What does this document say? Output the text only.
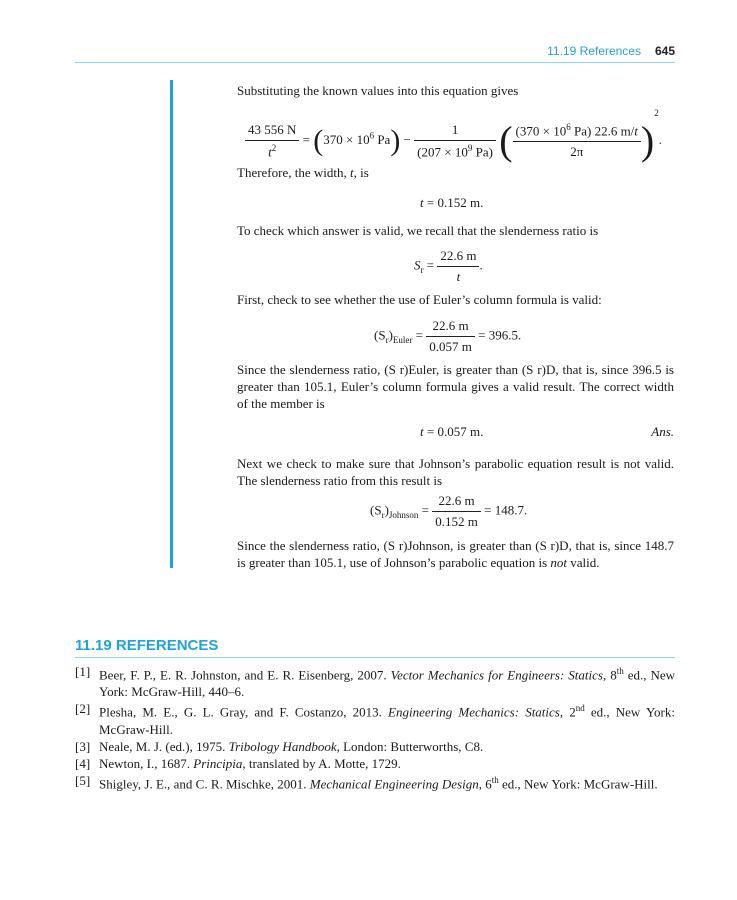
11.19 References 645
Substituting the known values into this equation gives
$\frac{43 556 N}{t^2} = (370 \times 10^6$ $Pa) - \frac{1}{(207 \times 10^9 Pa)}$ ( $\frac{(370 \times 10^6 Pa) 22.6 m/t}{2\pi} )^2$.
Therefore, the width, t, is
t = 0.152 m.
To check which answer is valid, we recall that the slenderness ratio is
$S_r = \frac{22.6 m}{t}$ .
First, check to see whether the use of Euler’s column formula is valid:
$(S_r)_{Euler} = \frac{22.6 m}{0.057 m} = 396.5$.
Since the slenderness ratio, (S r)Euler, is greater than (S r)D, that is, since 396.5 is greater than 105.1, Euler’s column formula gives a valid result. The correct width of the member is
t = 0.057 m.	Ans.
Next we check to make sure that Johnson’s parabolic equation result is not valid. The slenderness ratio from this result is
$(S_r)_{Johnson} = \frac{22.6 m}{0.152 m} = 148.7$.
Since the slenderness ratio, (S r)Johnson, is greater than (S r)D, that is, since 148.7 is greater than 105.1, use of Johnson’s parabolic equation is not valid.
11.19 REFERENCES
[1] Beer, F. P., E. R. Johnston, and E. R. Eisenberg, 2007. Vector Mechanics for Engineers: Statics, 8th ed., New York: McGraw-Hill, 440–6.
[2] Plesha, M. E., G. L. Gray, and F. Costanzo, 2013. Engineering Mechanics: Statics, 2nd ed., New York: McGraw-Hill.
[3] Neale, M. J. (ed.), 1975. Tribology Handbook, London: Butterworths, C8.
[4] Newton, I., 1687. Principia, translated by A. Motte, 1729.
[5] Shigley, J. E., and C. R. Mischke, 2001. Mechanical Engineering Design, 6th ed., New York: McGraw-Hill.
